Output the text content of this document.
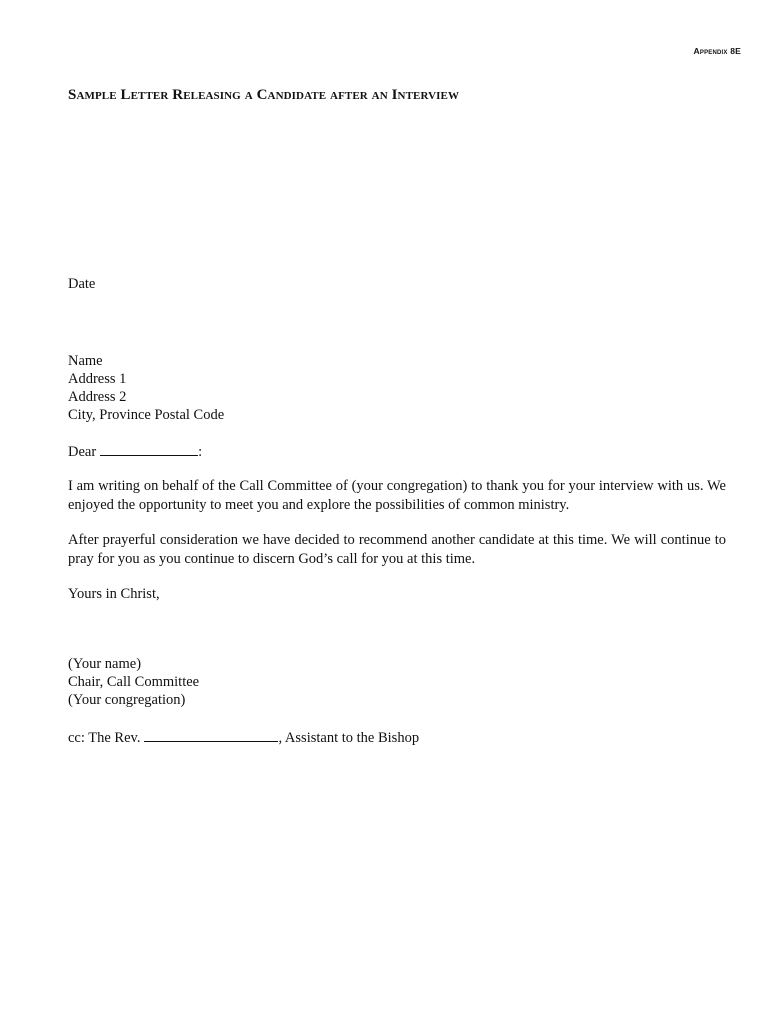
Appendix 8E
Sample Letter Releasing a Candidate after an Interview
Date
Name
Address 1
Address 2
City, Province Postal Code
Dear	:
I am writing on behalf of the Call Committee of (your congregation) to thank you for your interview with us. We enjoyed the opportunity to meet you and explore the possibilities of common ministry.
After prayerful consideration we have decided to recommend another candidate at this time. We will continue to pray for you as you continue to discern God’s call for you at this time.
Yours in Christ,
(Your name)
Chair, Call Committee
(Your congregation)
cc: The Rev.	, Assistant to the Bishop
